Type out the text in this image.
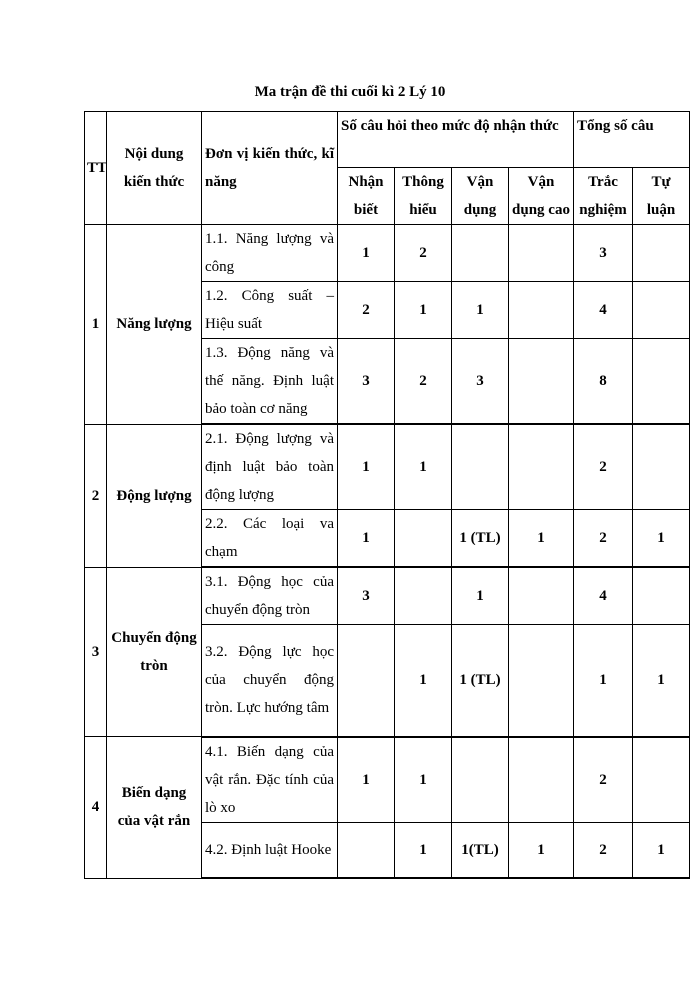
Ma trận đề thi cuối kì 2 Lý 10
TT	Nội dung kiến thức	Đơn vị kiến thức, kĩ năng	Số câu hỏi theo mức độ nhận thức				Tổng số câu	
			Nhận biết	Thông hiểu	Vận dụng	Vận dụng cao	Trắc nghiệm	Tự luận
1	Năng lượng	1.1. Năng lượng và công	1	2			3	
		1.2. Công suất – Hiệu suất	2	1	1		4	
		1.3. Động năng và thế năng. Định luật bảo toàn cơ năng	3	2	3		8	
2	Động lượng	2.1. Động lượng và định luật bảo toàn động lượng	1	1			2	
		2.2. Các loại va chạm	1		1 (TL)	1	2	1
3	Chuyển động tròn	3.1. Động học của chuyển động tròn	3		1		4	
		3.2. Động lực học của chuyển động tròn. Lực hướng tâm		1	1 (TL)		1	1
4	Biến dạng của vật rắn	4.1. Biến dạng của vật rắn. Đặc tính của lò xo	1	1			2	
		4.2. Định luật Hooke		1	1(TL)	1	2	1
